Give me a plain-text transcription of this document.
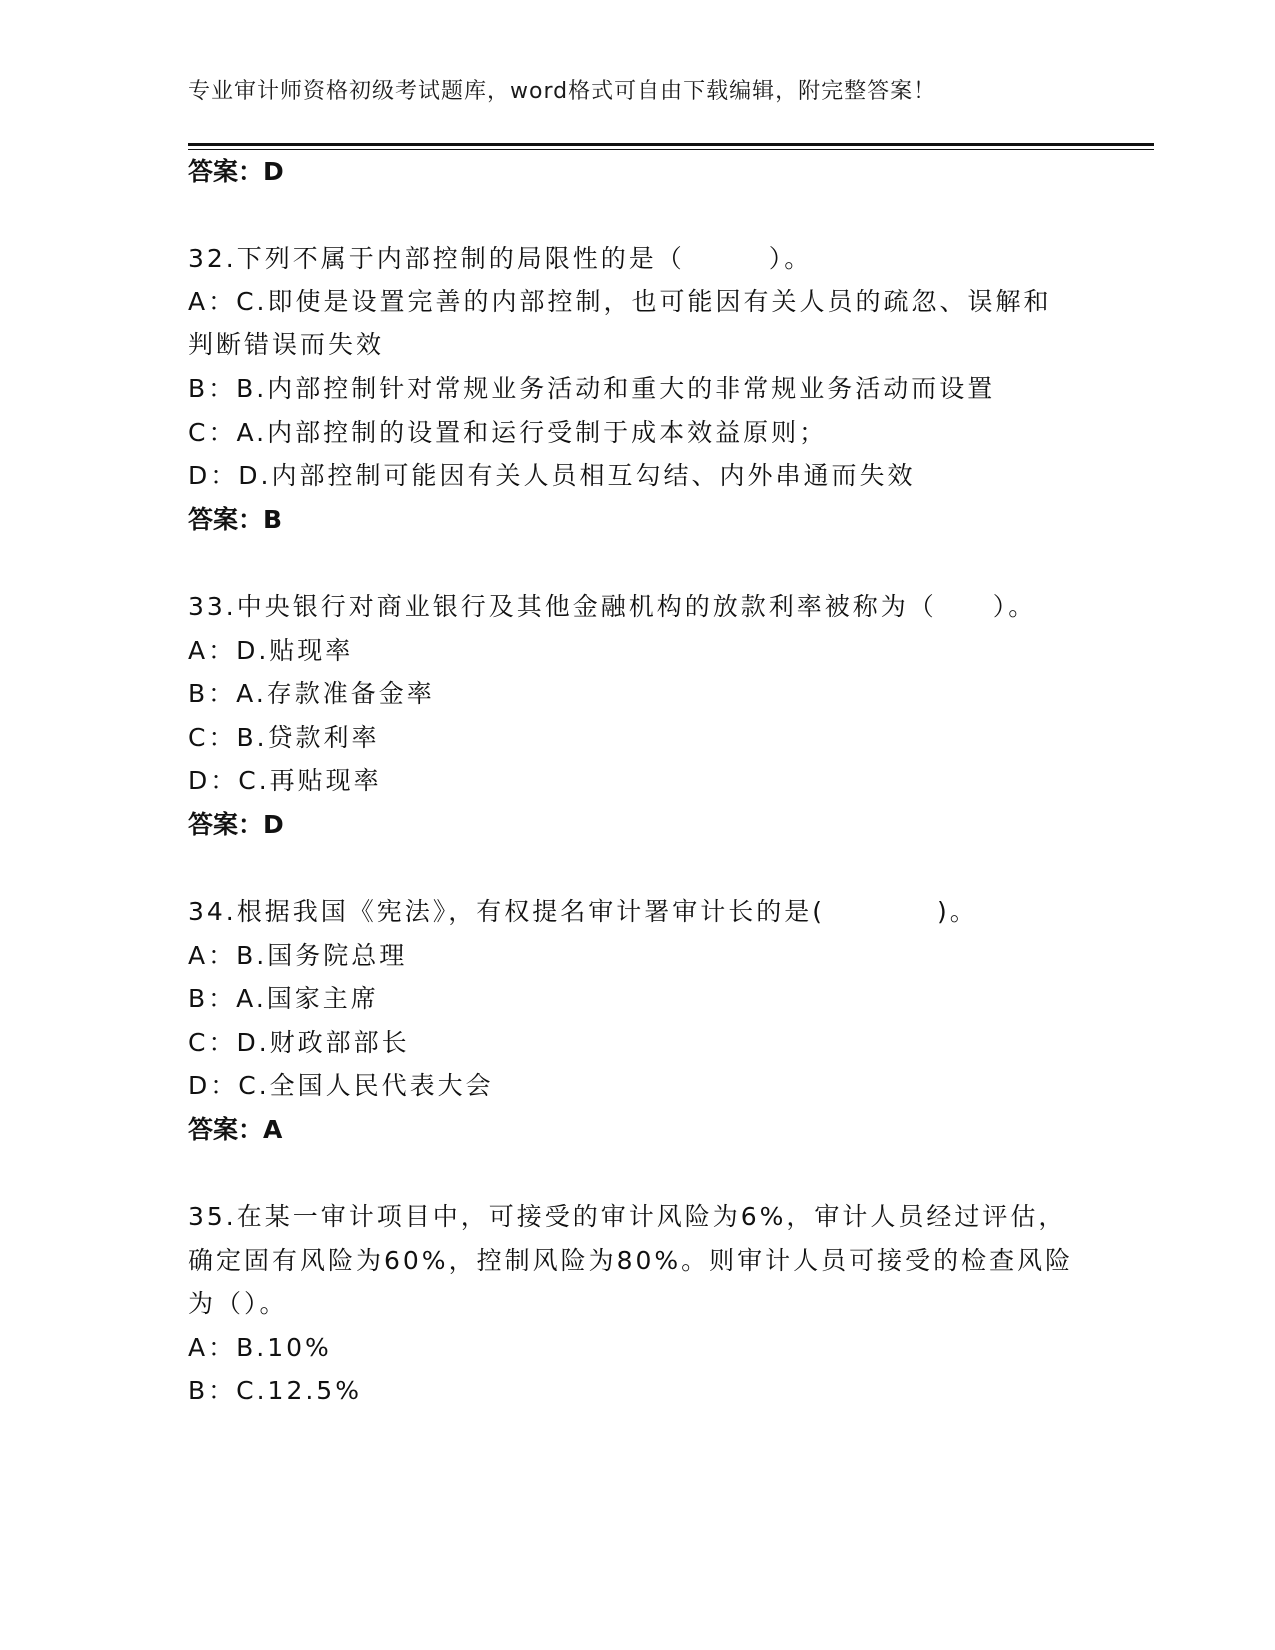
专业审计师资格初级考试题库，word格式可自由下载编辑，附完整答案！
答案：D
32.下列不属于内部控制的局限性的是（　　　）。
A：C.即使是设置完善的内部控制，也可能因有关人员的疏忽、误解和
判断错误而失效
B：B.内部控制针对常规业务活动和重大的非常规业务活动而设置
C：A.内部控制的设置和运行受制于成本效益原则；
D：D.内部控制可能因有关人员相互勾结、内外串通而失效
答案：B
33.中央银行对商业银行及其他金融机构的放款利率被称为（　　）。
A：D.贴现率
B：A.存款准备金率
C：B.贷款利率
D：C.再贴现率
答案：D
34.根据我国《宪法》，有权提名审计署审计长的是(　　　　)。
A：B.国务院总理
B：A.国家主席
C：D.财政部部长
D：C.全国人民代表大会
答案：A
35.在某一审计项目中，可接受的审计风险为6%，审计人员经过评估，
确定固有风险为60%，控制风险为80%。则审计人员可接受的检查风险
为（）。
A：B.10%
B：C.12.5%
